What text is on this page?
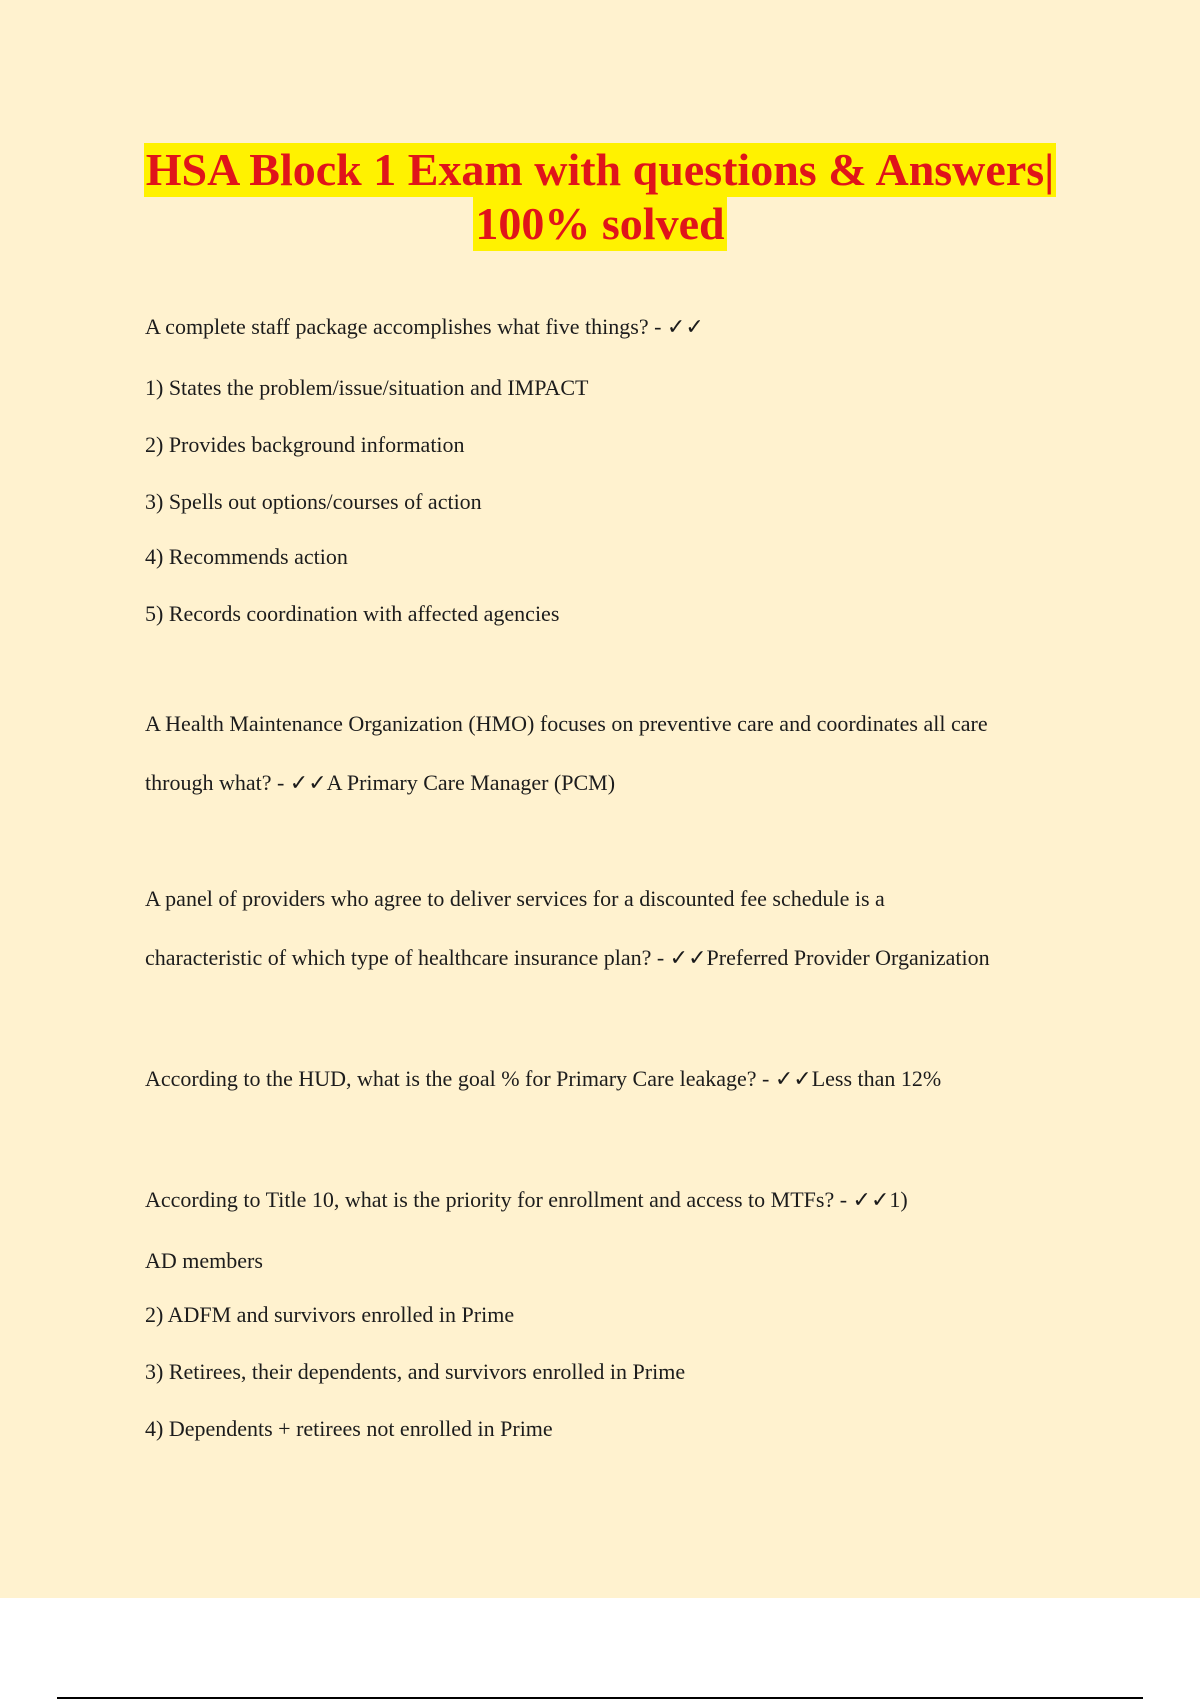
HSA Block 1 Exam with questions & Answers|
100% solved
A complete staff package accomplishes what five things? - ✓✓
1) States the problem/issue/situation and IMPACT
2) Provides background information
3) Spells out options/courses of action
4) Recommends action
5) Records coordination with affected agencies
A Health Maintenance Organization (HMO) focuses on preventive care and coordinates all care
through what? - ✓✓A Primary Care Manager (PCM)
A panel of providers who agree to deliver services for a discounted fee schedule is a
characteristic of which type of healthcare insurance plan? - ✓✓Preferred Provider Organization
According to the HUD, what is the goal % for Primary Care leakage? - ✓✓Less than 12%
According to Title 10, what is the priority for enrollment and access to MTFs? - ✓✓1)
AD members
2) ADFM and survivors enrolled in Prime
3) Retirees, their dependents, and survivors enrolled in Prime
4) Dependents + retirees not enrolled in Prime
